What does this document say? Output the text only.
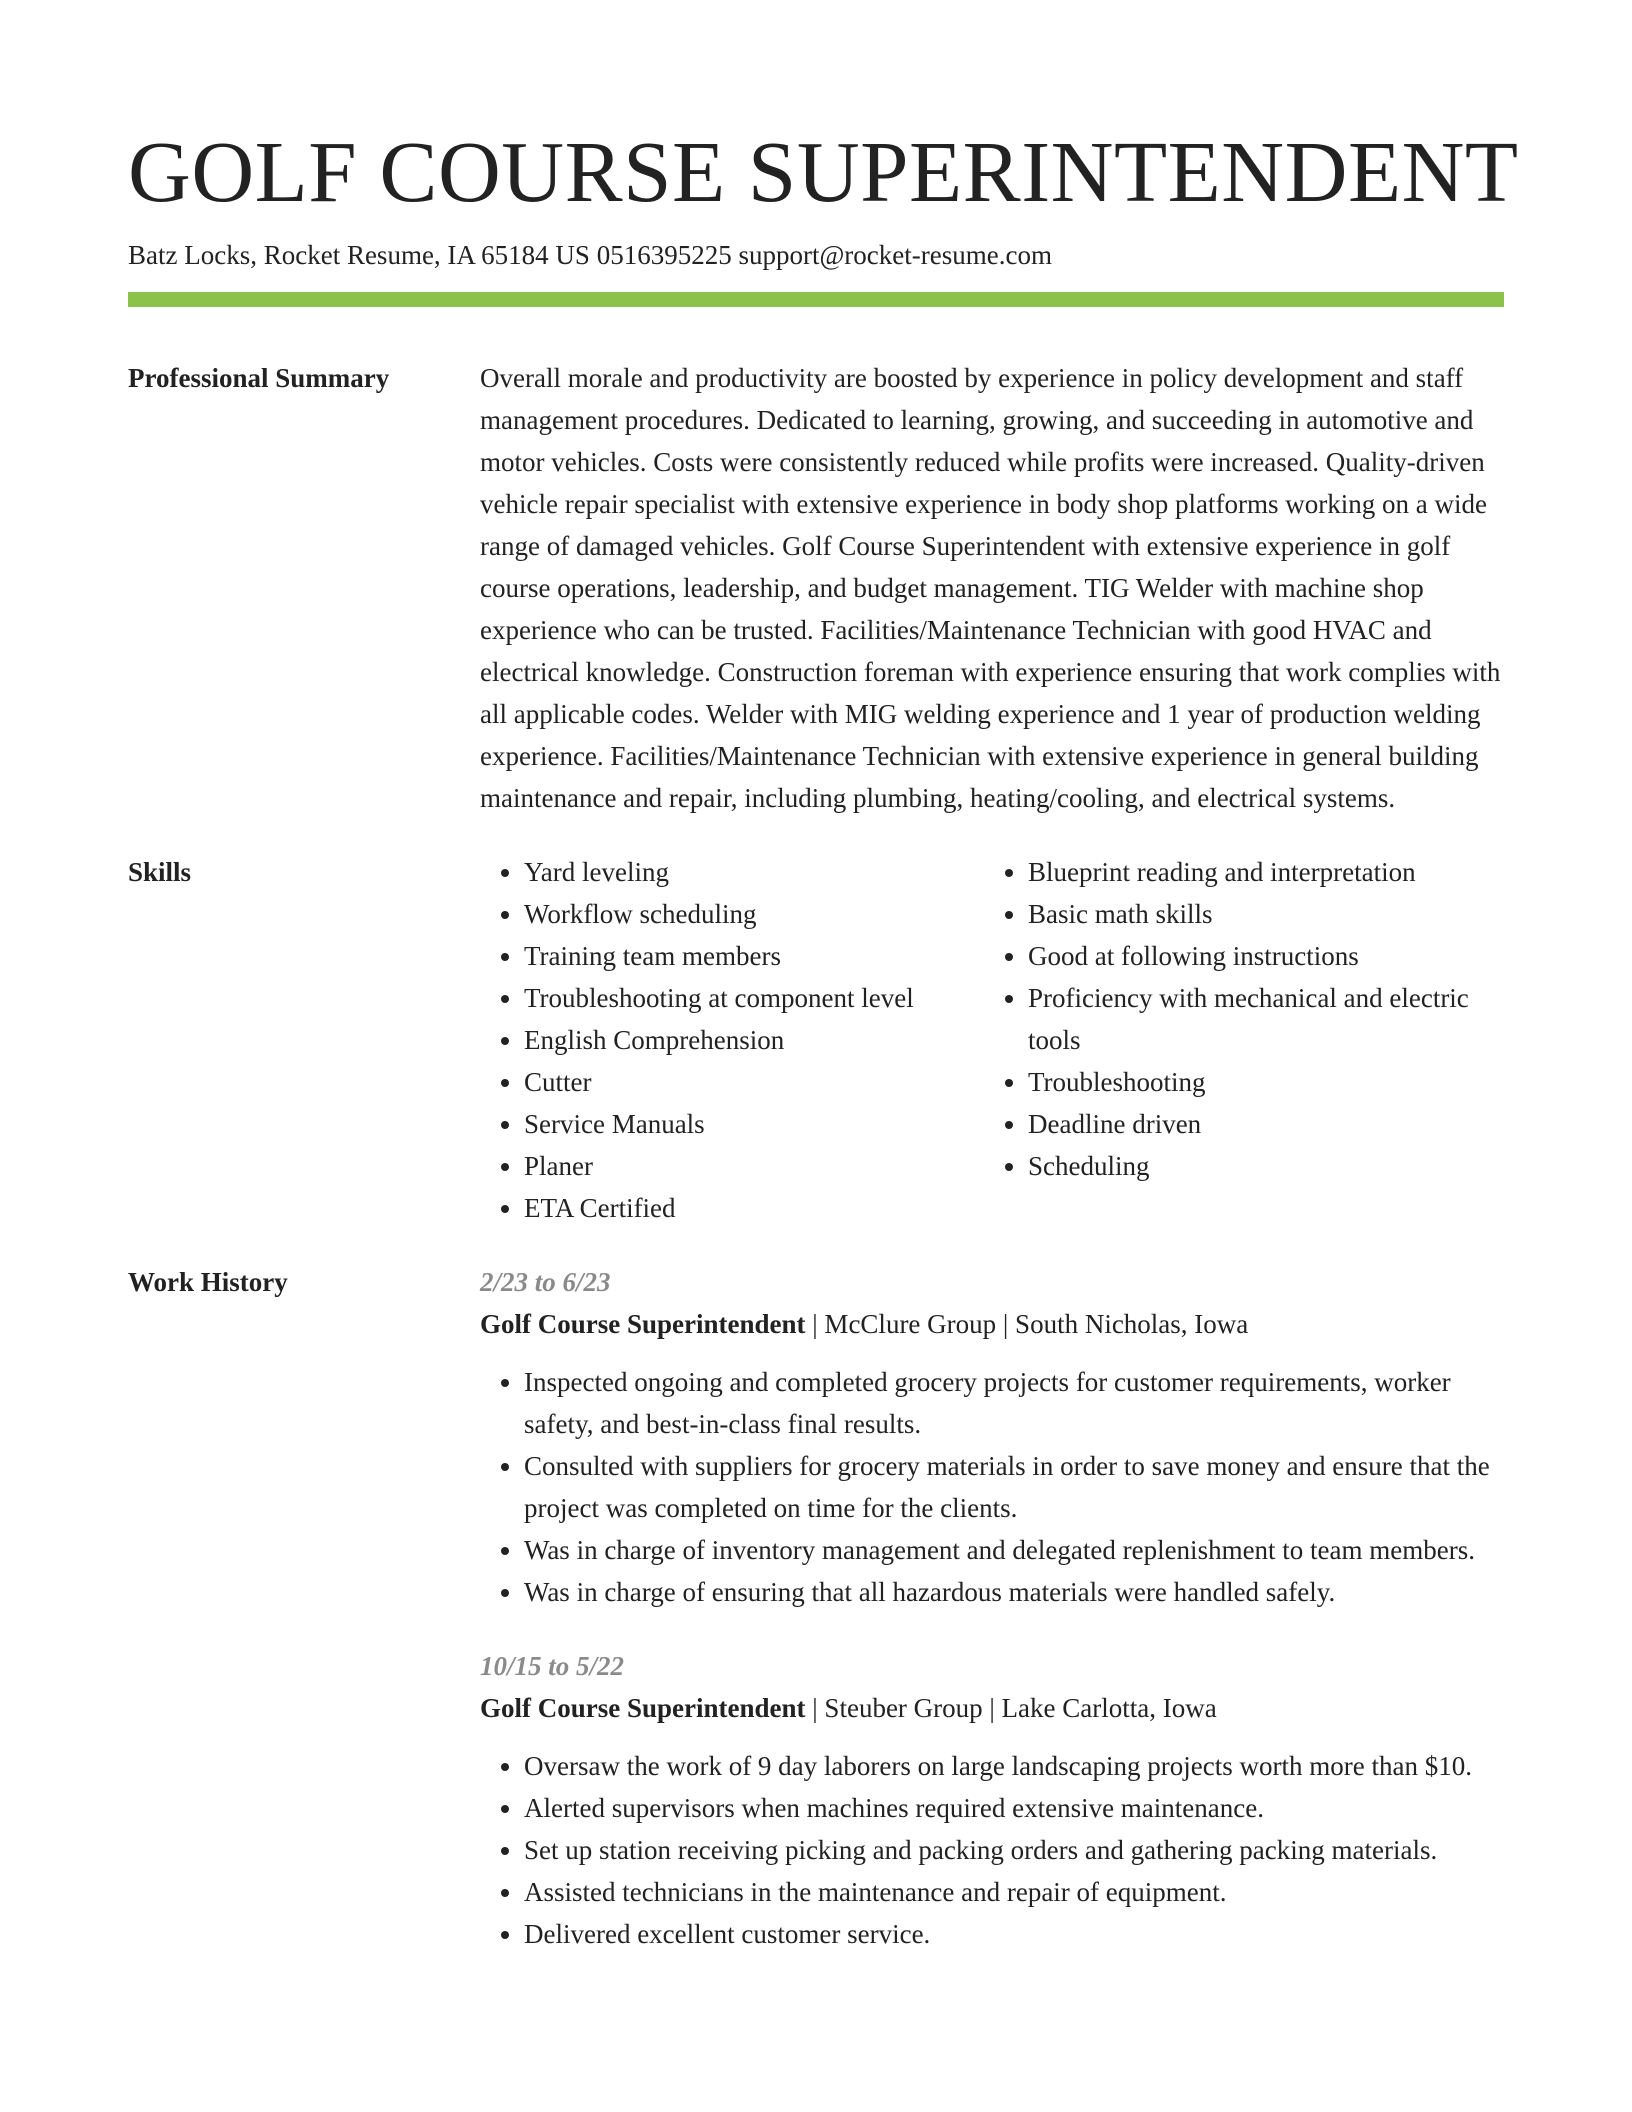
GOLF COURSE SUPERINTENDENT
Batz Locks, Rocket Resume, IA 65184 US 0516395225 support@rocket-resume.com
Professional Summary	Overall morale and productivity are boosted by experience in policy development and staff management procedures. Dedicated to learning, growing, and succeeding in automotive and motor vehicles. Costs were consistently reduced while profits were increased. Quality-driven vehicle repair specialist with extensive experience in body shop platforms working on a wide range of damaged vehicles. Golf Course Superintendent with extensive experience in golf course operations, leadership, and budget management. TIG Welder with machine shop experience who can be trusted. Facilities/Maintenance Technician with good HVAC and electrical knowledge. Construction foreman with experience ensuring that work complies with all applicable codes. Welder with MIG welding experience and 1 year of production welding experience. Facilities/Maintenance Technician with extensive experience in general building maintenance and repair, including plumbing, heating/cooling, and electrical systems.
Skills
•	Yard leveling
• Workflow scheduling
• Training team members
• Troubleshooting at component level
• English Comprehension
• Cutter
• Service Manuals
• Planer
• ETA Certified
• Blueprint reading and interpretation
• Basic math skills
• Good at following instructions
• Proficiency with mechanical and electric tools
• Troubleshooting
• Deadline driven
• Scheduling
Work History	2/23 to 6/23
Golf Course Superintendent | McClure Group | South Nicholas, Iowa
• Inspected ongoing and completed grocery projects for customer requirements, worker safety, and best-in-class final results.
• Consulted with suppliers for grocery materials in order to save money and ensure that the project was completed on time for the clients.
• Was in charge of inventory management and delegated replenishment to team members.
• Was in charge of ensuring that all hazardous materials were handled safely.
10/15 to 5/22
Golf Course Superintendent | Steuber Group | Lake Carlotta, Iowa
• Oversaw the work of 9 day laborers on large landscaping projects worth more than $10.
• Alerted supervisors when machines required extensive maintenance.
• Set up station receiving picking and packing orders and gathering packing materials.
• Assisted technicians in the maintenance and repair of equipment.
• Delivered excellent customer service.
